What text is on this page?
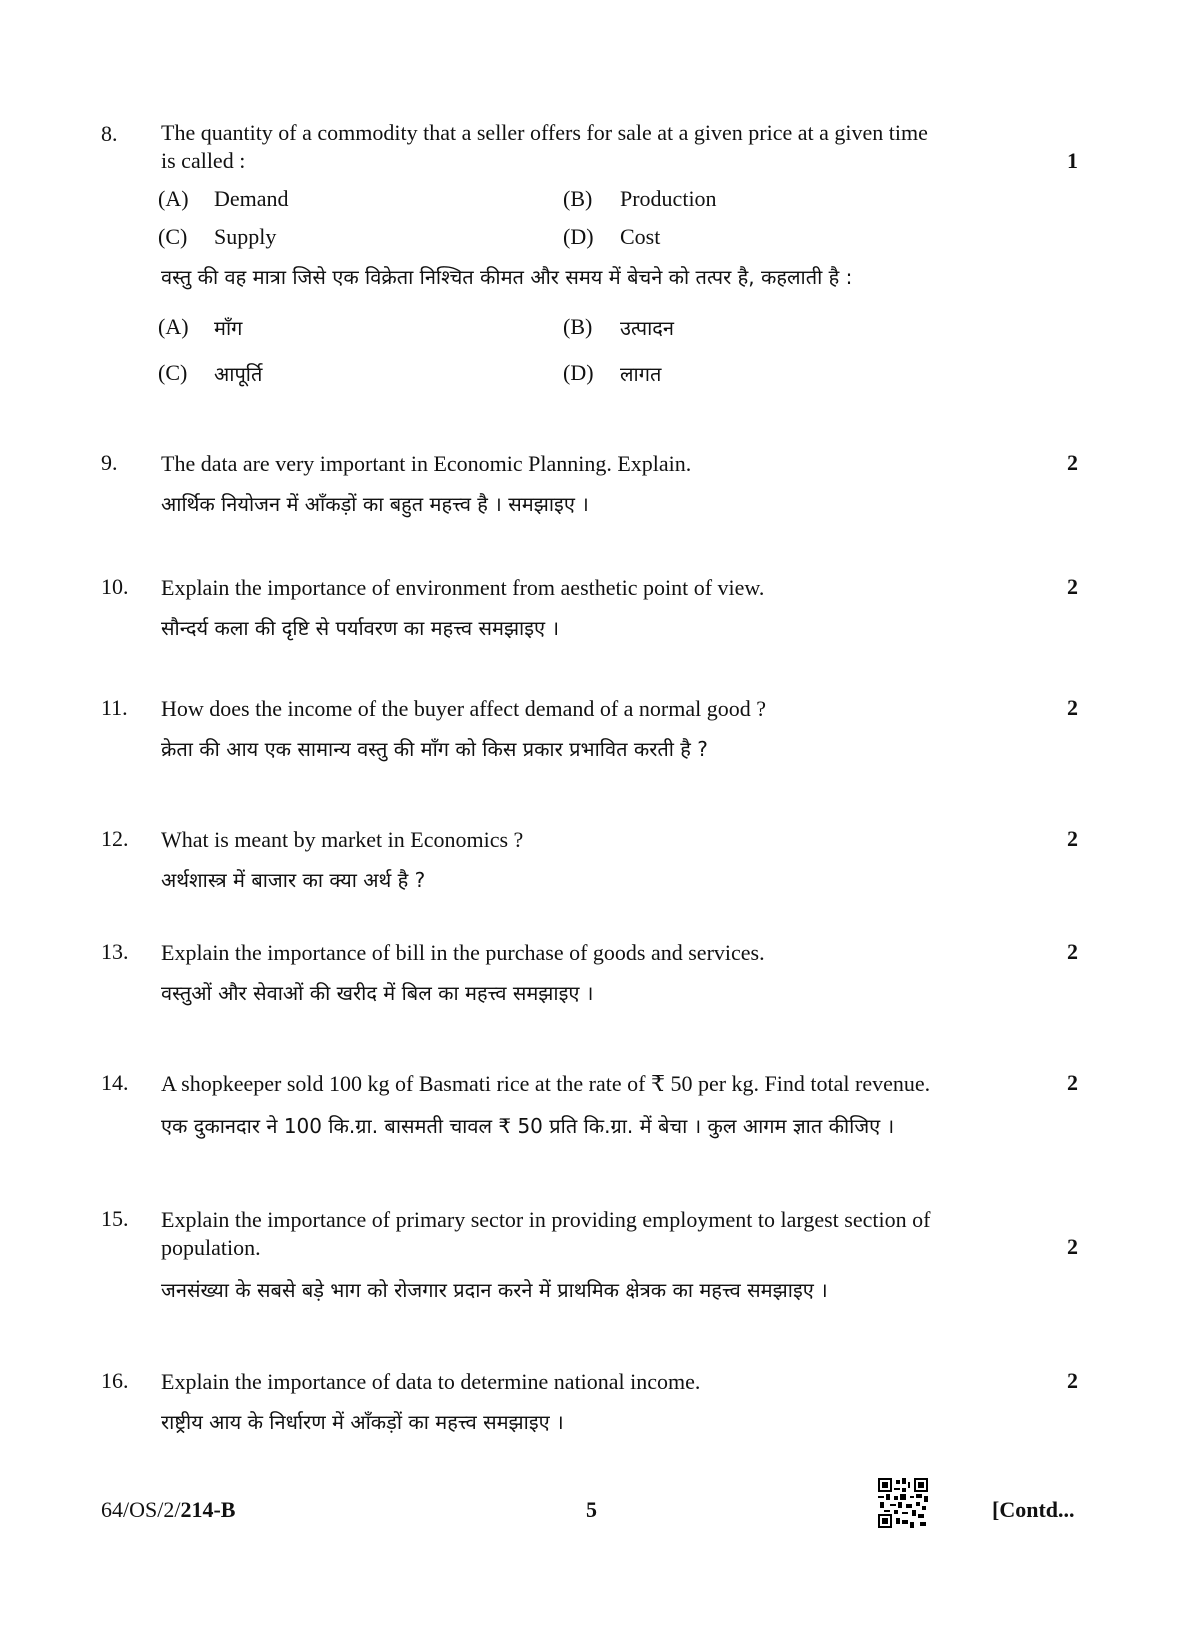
8. The quantity of a commodity that a seller offers for sale at a given price at a given time
is called :	1
(A) Demand	(B) Production
(C) Supply	(D) Cost
वस्तु की वह मात्रा जिसे एक विक्रेता निश्चित कीमत और समय में बेचने को तत्पर है, कहलाती है :
(A) माँग	(B) उत्पादन
(C) आपूर्ति	(D) लागत
9. The data are very important in Economic Planning. Explain.	2
आर्थिक नियोजन में आँकड़ों का बहुत महत्त्व है । समझाइए ।
10. Explain the importance of environment from aesthetic point of view.	2
सौन्दर्य कला की दृष्टि से पर्यावरण का महत्त्व समझाइए ।
11. How does the income of the buyer affect demand of a normal good ?	2
क्रेता की आय एक सामान्य वस्तु की माँग को किस प्रकार प्रभावित करती है ?
12. What is meant by market in Economics ?	2
अर्थशास्त्र में बाजार का क्या अर्थ है ?
13. Explain the importance of bill in the purchase of goods and services.	2
वस्तुओं और सेवाओं की खरीद में बिल का महत्त्व समझाइए ।
14. A shopkeeper sold 100 kg of Basmati rice at the rate of ₹ 50 per kg. Find total revenue.	2
एक दुकानदार ने 100 कि.ग्रा. बासमती चावल ₹ 50 प्रति कि.ग्रा. में बेचा । कुल आगम ज्ञात कीजिए ।
15. Explain the importance of primary sector in providing employment to largest section of
population.	2
जनसंख्या के सबसे बड़े भाग को रोजगार प्रदान करने में प्राथमिक क्षेत्रक का महत्त्व समझाइए ।
16. Explain the importance of data to determine national income.	2
राष्ट्रीय आय के निर्धारण में आँकड़ों का महत्त्व समझाइए ।
64/OS/2/214-B	5	[Contd...
